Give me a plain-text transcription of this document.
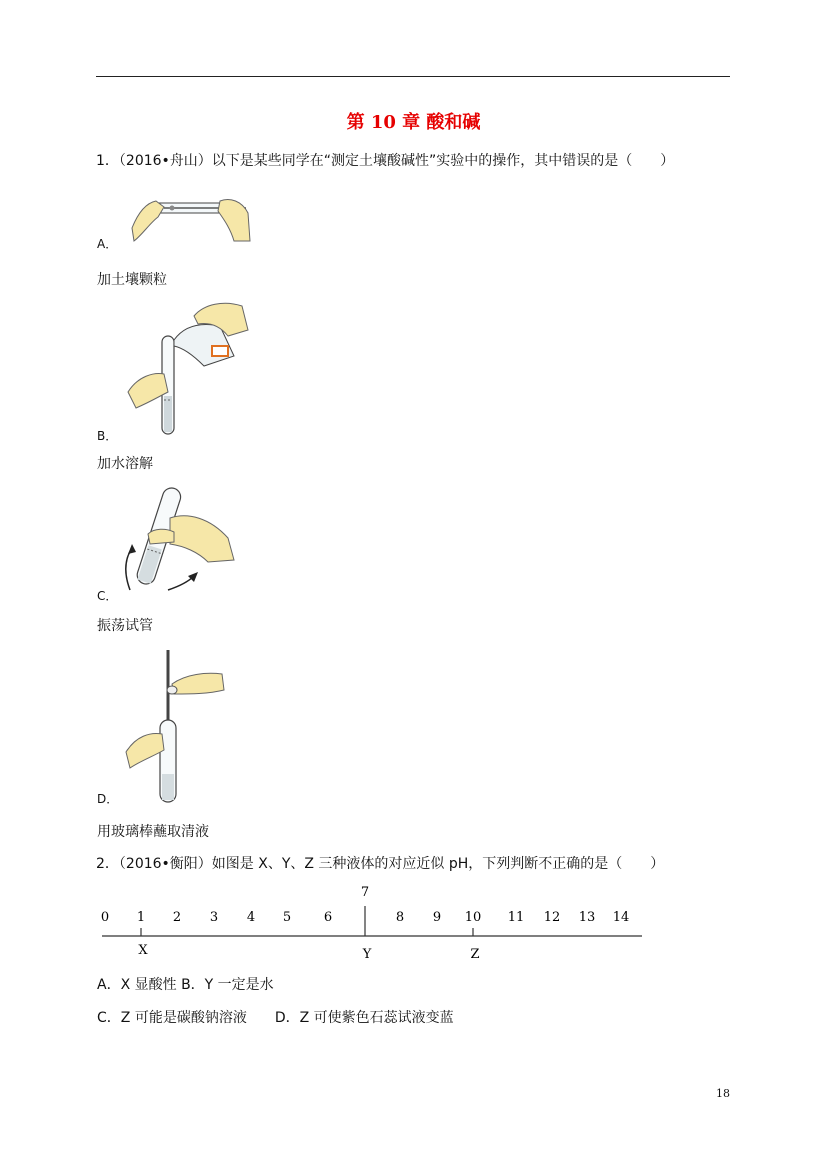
第 10 章 酸和碱
1．（2016•舟山）以下是某些同学在“测定土壤酸碱性”实验中的操作，其中错误的是（　　）
A．
加土壤颗粒
B．
加水溶解
C．
振荡试管
D．
用玻璃棒蘸取清液
2．（2016•衡阳）如图是 X、Y、Z 三种液体的对应近似 pH，下列判断不正确的是（　　）
0 1 2 3 4 5	6
7
8 9 10 11 12 13 14
X	Y	Z
A．X 显酸性 B．Y 一定是水
C．Z 可能是碳酸钠溶液　　D．Z 可使紫色石蕊试液变蓝
18
